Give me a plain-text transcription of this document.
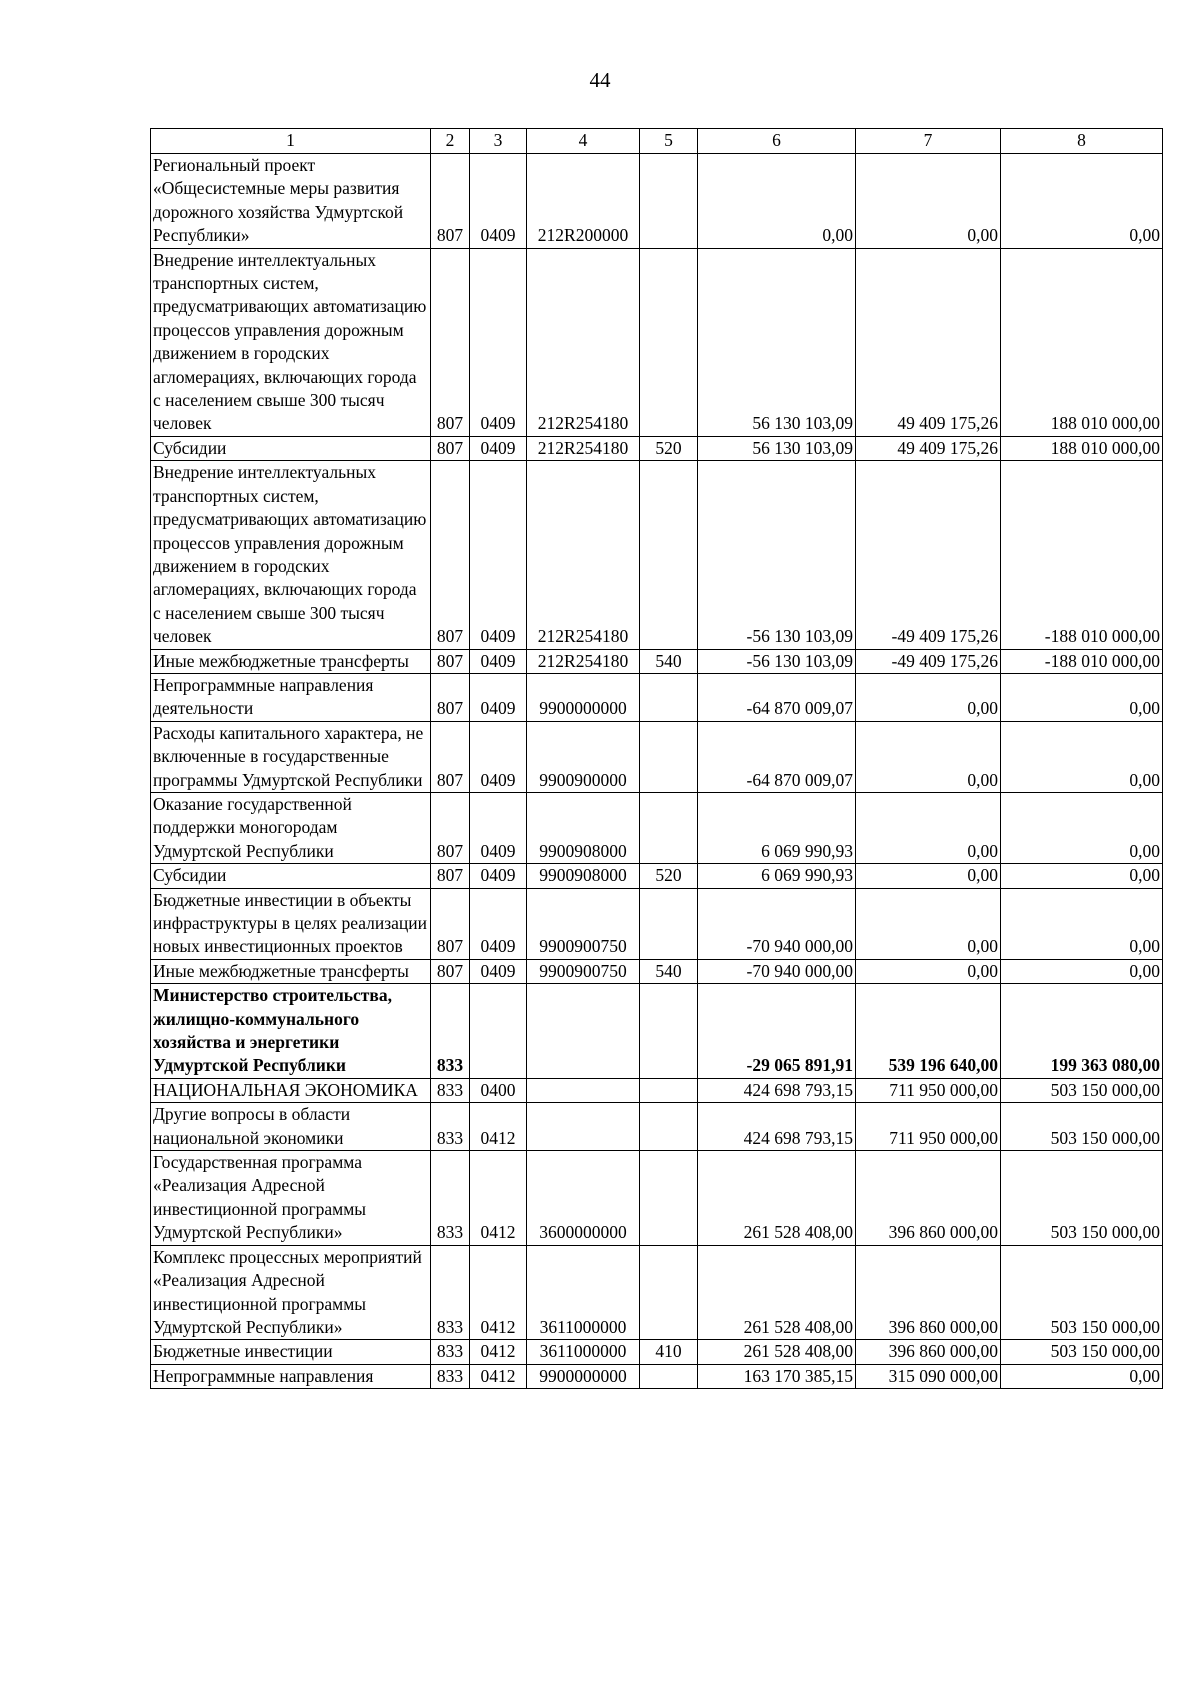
44
1	2	3	4	5	6	7	8
Региональный проект «Общесистемные меры развития дорожного хозяйства Удмуртской Республики»	807	0409	212R200000		0,00	0,00	0,00
Внедрение интеллектуальных транспортных систем, предусматривающих автоматизацию процессов управления дорожным движением в городских агломерациях, включающих города с населением свыше 300 тысяч человек	807	0409	212R254180		56 130 103,09	49 409 175,26	188 010 000,00
Субсидии	807	0409	212R254180	520	56 130 103,09	49 409 175,26	188 010 000,00
Внедрение интеллектуальных транспортных систем, предусматривающих автоматизацию процессов управления дорожным движением в городских агломерациях, включающих города с населением свыше 300 тысяч человек	807	0409	212R254180		-56 130 103,09	-49 409 175,26	-188 010 000,00
Иные межбюджетные трансферты	807	0409	212R254180	540	-56 130 103,09	-49 409 175,26	-188 010 000,00
Непрограммные направления деятельности	807	0409	9900000000		-64 870 009,07	0,00	0,00
Расходы капитального характера, не включенные в государственные программы Удмуртской Республики	807	0409	9900900000		-64 870 009,07	0,00	0,00
Оказание государственной поддержки моногородам Удмуртской Республики	807	0409	9900908000		6 069 990,93	0,00	0,00
Субсидии	807	0409	9900908000	520	6 069 990,93	0,00	0,00
Бюджетные инвестиции в объекты инфраструктуры в целях реализации новых инвестиционных проектов	807	0409	9900900750		-70 940 000,00	0,00	0,00
Иные межбюджетные трансферты	807	0409	9900900750	540	-70 940 000,00	0,00	0,00
Министерство строительства, жилищно-коммунального хозяйства и энергетики Удмуртской Республики	833				-29 065 891,91	539 196 640,00	199 363 080,00
НАЦИОНАЛЬНАЯ ЭКОНОМИКА	833	0400			424 698 793,15	711 950 000,00	503 150 000,00
Другие вопросы в области национальной экономики	833	0412			424 698 793,15	711 950 000,00	503 150 000,00
Государственная программа «Реализация Адресной инвестиционной программы Удмуртской Республики»	833	0412	3600000000		261 528 408,00	396 860 000,00	503 150 000,00
Комплекс процессных мероприятий «Реализация Адресной инвестиционной программы Удмуртской Республики»	833	0412	3611000000		261 528 408,00	396 860 000,00	503 150 000,00
Бюджетные инвестиции	833	0412	3611000000	410	261 528 408,00	396 860 000,00	503 150 000,00
Непрограммные направления	833	0412	9900000000		163 170 385,15	315 090 000,00	0,00
